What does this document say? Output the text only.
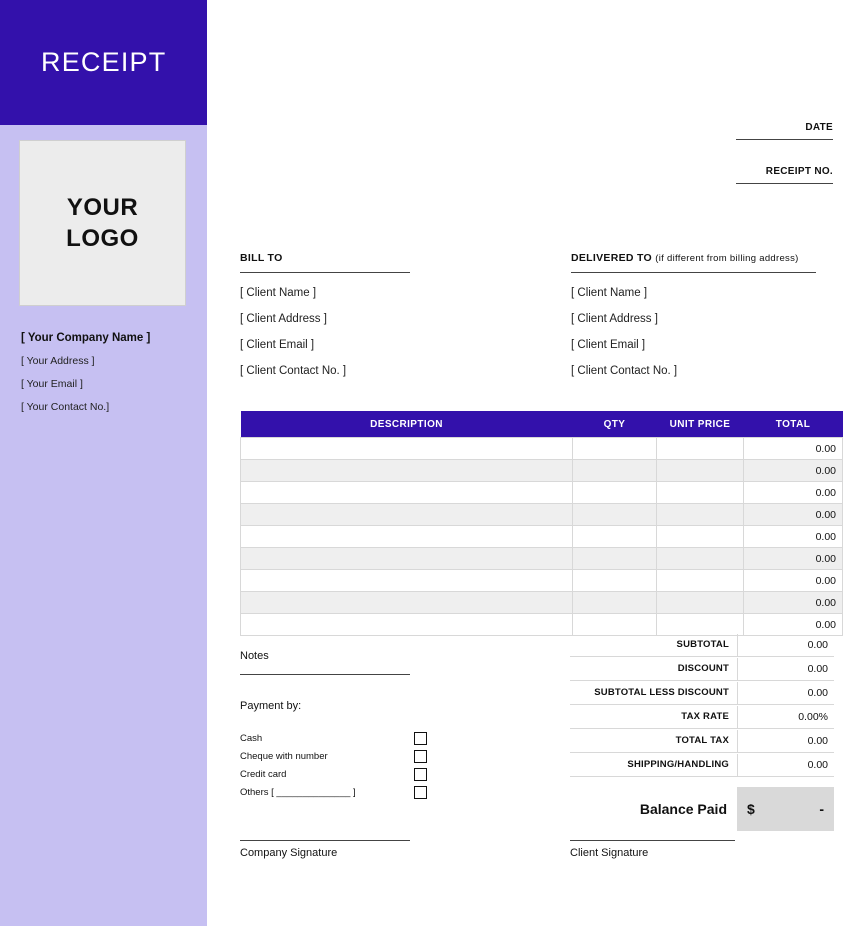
RECEIPT
YOUR
LOGO
[ Your Company Name ]
[ Your Address ]
[ Your Email ]
[ Your Contact No.]
DATE
RECEIPT NO.
BILL TO
[ Client Name ]
[ Client Address ]
[ Client Email ]
[ Client Contact No. ]
DELIVERED TO (if different from billing address)
[ Client Name ]
[ Client Address ]
[ Client Email ]
[ Client Contact No. ]
DESCRIPTION	QTY	UNIT PRICE	TOTAL
			0.00
			0.00
			0.00
			0.00
			0.00
			0.00
			0.00
			0.00
			0.00
SUBTOTAL	0.00
DISCOUNT	0.00
SUBTOTAL LESS DISCOUNT	0.00
TAX RATE	0.00%
TOTAL TAX	0.00
SHIPPING/HANDLING	0.00
Balance Paid	$	-
Notes
Payment by:
Cash
Cheque with number
Credit card
Others [ ______________ ]
Company Signature	Client Signature
